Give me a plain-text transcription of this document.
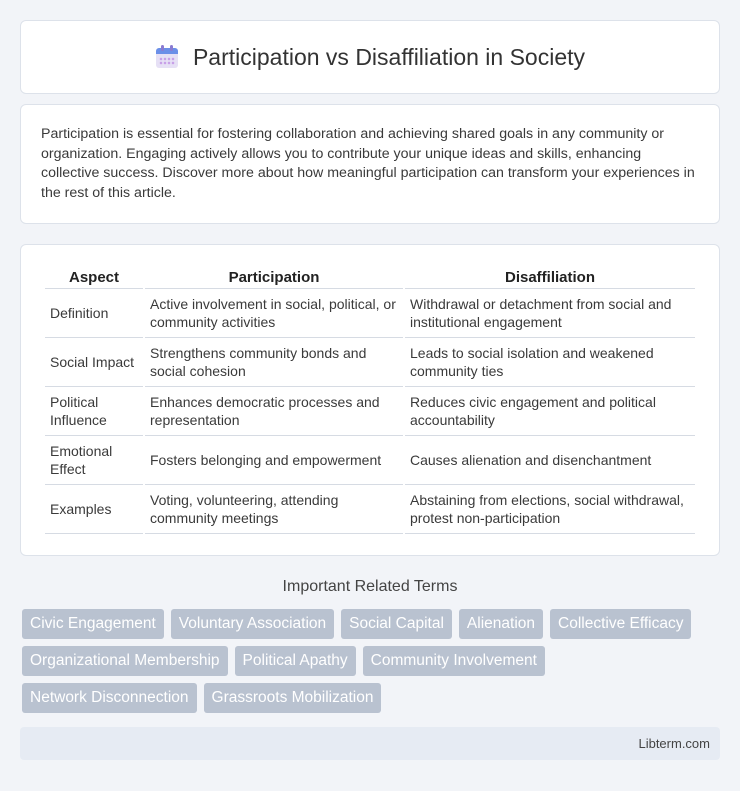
Participation vs Disaffiliation in Society

Participation is essential for fostering collaboration and achieving shared goals in any community or organization. Engaging actively allows you to contribute your unique ideas and skills, enhancing collective success. Discover more about how meaningful participation can transform your experiences in the rest of this article.

Aspect	Participation	Disaffiliation
Definition	Active involvement in social, political, or community activities	Withdrawal or detachment from social and institutional engagement
Social Impact	Strengthens community bonds and social cohesion	Leads to social isolation and weakened community ties
Political Influence	Enhances democratic processes and representation	Reduces civic engagement and political accountability
Emotional Effect	Fosters belonging and empowerment	Causes alienation and disenchantment
Examples	Voting, volunteering, attending community meetings	Abstaining from elections, social withdrawal, protest non-participation
Important Related Terms
Civic Engagement	Voluntary Association	Social Capital	Alienation	Collective Efficacy
Organizational Membership	Political Apathy	Community Involvement
Network Disconnection	Grassroots Mobilization
Libterm.com
